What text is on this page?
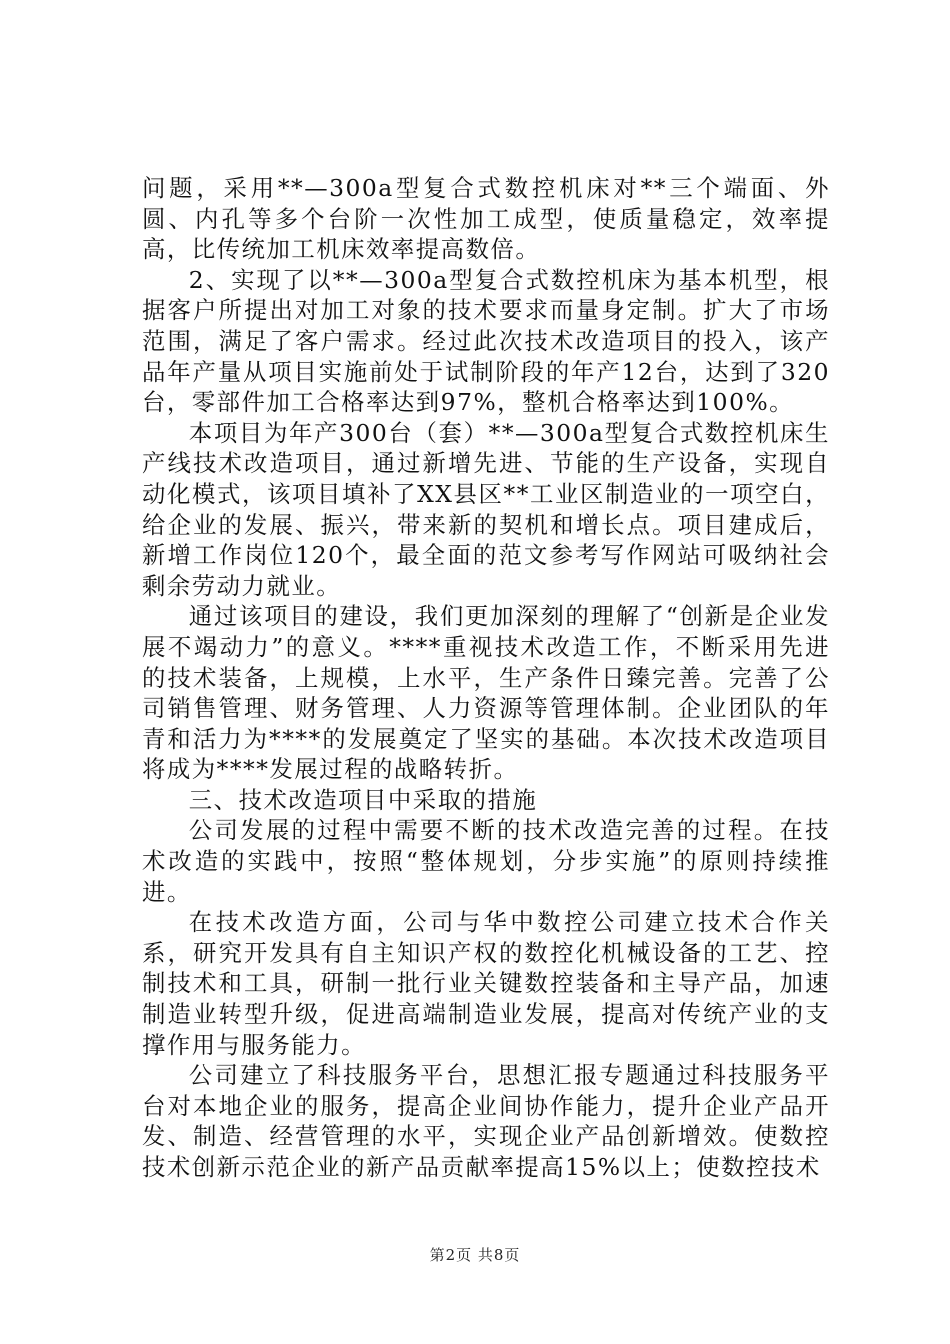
问题，采用**—300a型复合式数控机床对**三个端面、外圆、内孔等多个台阶一次性加工成型，使质量稳定，效率提高，比传统加工机床效率提高数倍。

2、实现了以**—300a型复合式数控机床为基本机型，根据客户所提出对加工对象的技术要求而量身定制。扩大了市场范围，满足了客户需求。经过此次技术改造项目的投入，该产品年产量从项目实施前处于试制阶段的年产12台，达到了320台，零部件加工合格率达到97%，整机合格率达到100%。

本项目为年产300台（套）**—300a型复合式数控机床生产线技术改造项目，通过新增先进、节能的生产设备，实现自动化模式，该项目填补了XX县区**工业区制造业的一项空白，给企业的发展、振兴，带来新的契机和增长点。项目建成后，新增工作岗位120个，最全面的范文参考写作网站可吸纳社会剩余劳动力就业。

通过该项目的建设，我们更加深刻的理解了“创新是企业发展不竭动力”的意义。****重视技术改造工作，不断采用先进的技术装备，上规模，上水平，生产条件日臻完善。完善了公司销售管理、财务管理、人力资源等管理体制。企业团队的年青和活力为****的发展奠定了坚实的基础。本次技术改造项目将成为****发展过程的战略转折。

三、技术改造项目中采取的措施

公司发展的过程中需要不断的技术改造完善的过程。在技术改造的实践中，按照“整体规划，分步实施”的原则持续推进。

在技术改造方面，公司与华中数控公司建立技术合作关系，研究开发具有自主知识产权的数控化机械设备的工艺、控制技术和工具，研制一批行业关键数控装备和主导产品，加速制造业转型升级，促进高端制造业发展，提高对传统产业的支撑作用与服务能力。

公司建立了科技服务平台，思想汇报专题通过科技服务平台对本地企业的服务，提高企业间协作能力，提升企业产品开发、制造、经营管理的水平，实现企业产品创新增效。使数控技术创新示范企业的新产品贡献率提高15%以上；使数控技术

第2页 共8页
